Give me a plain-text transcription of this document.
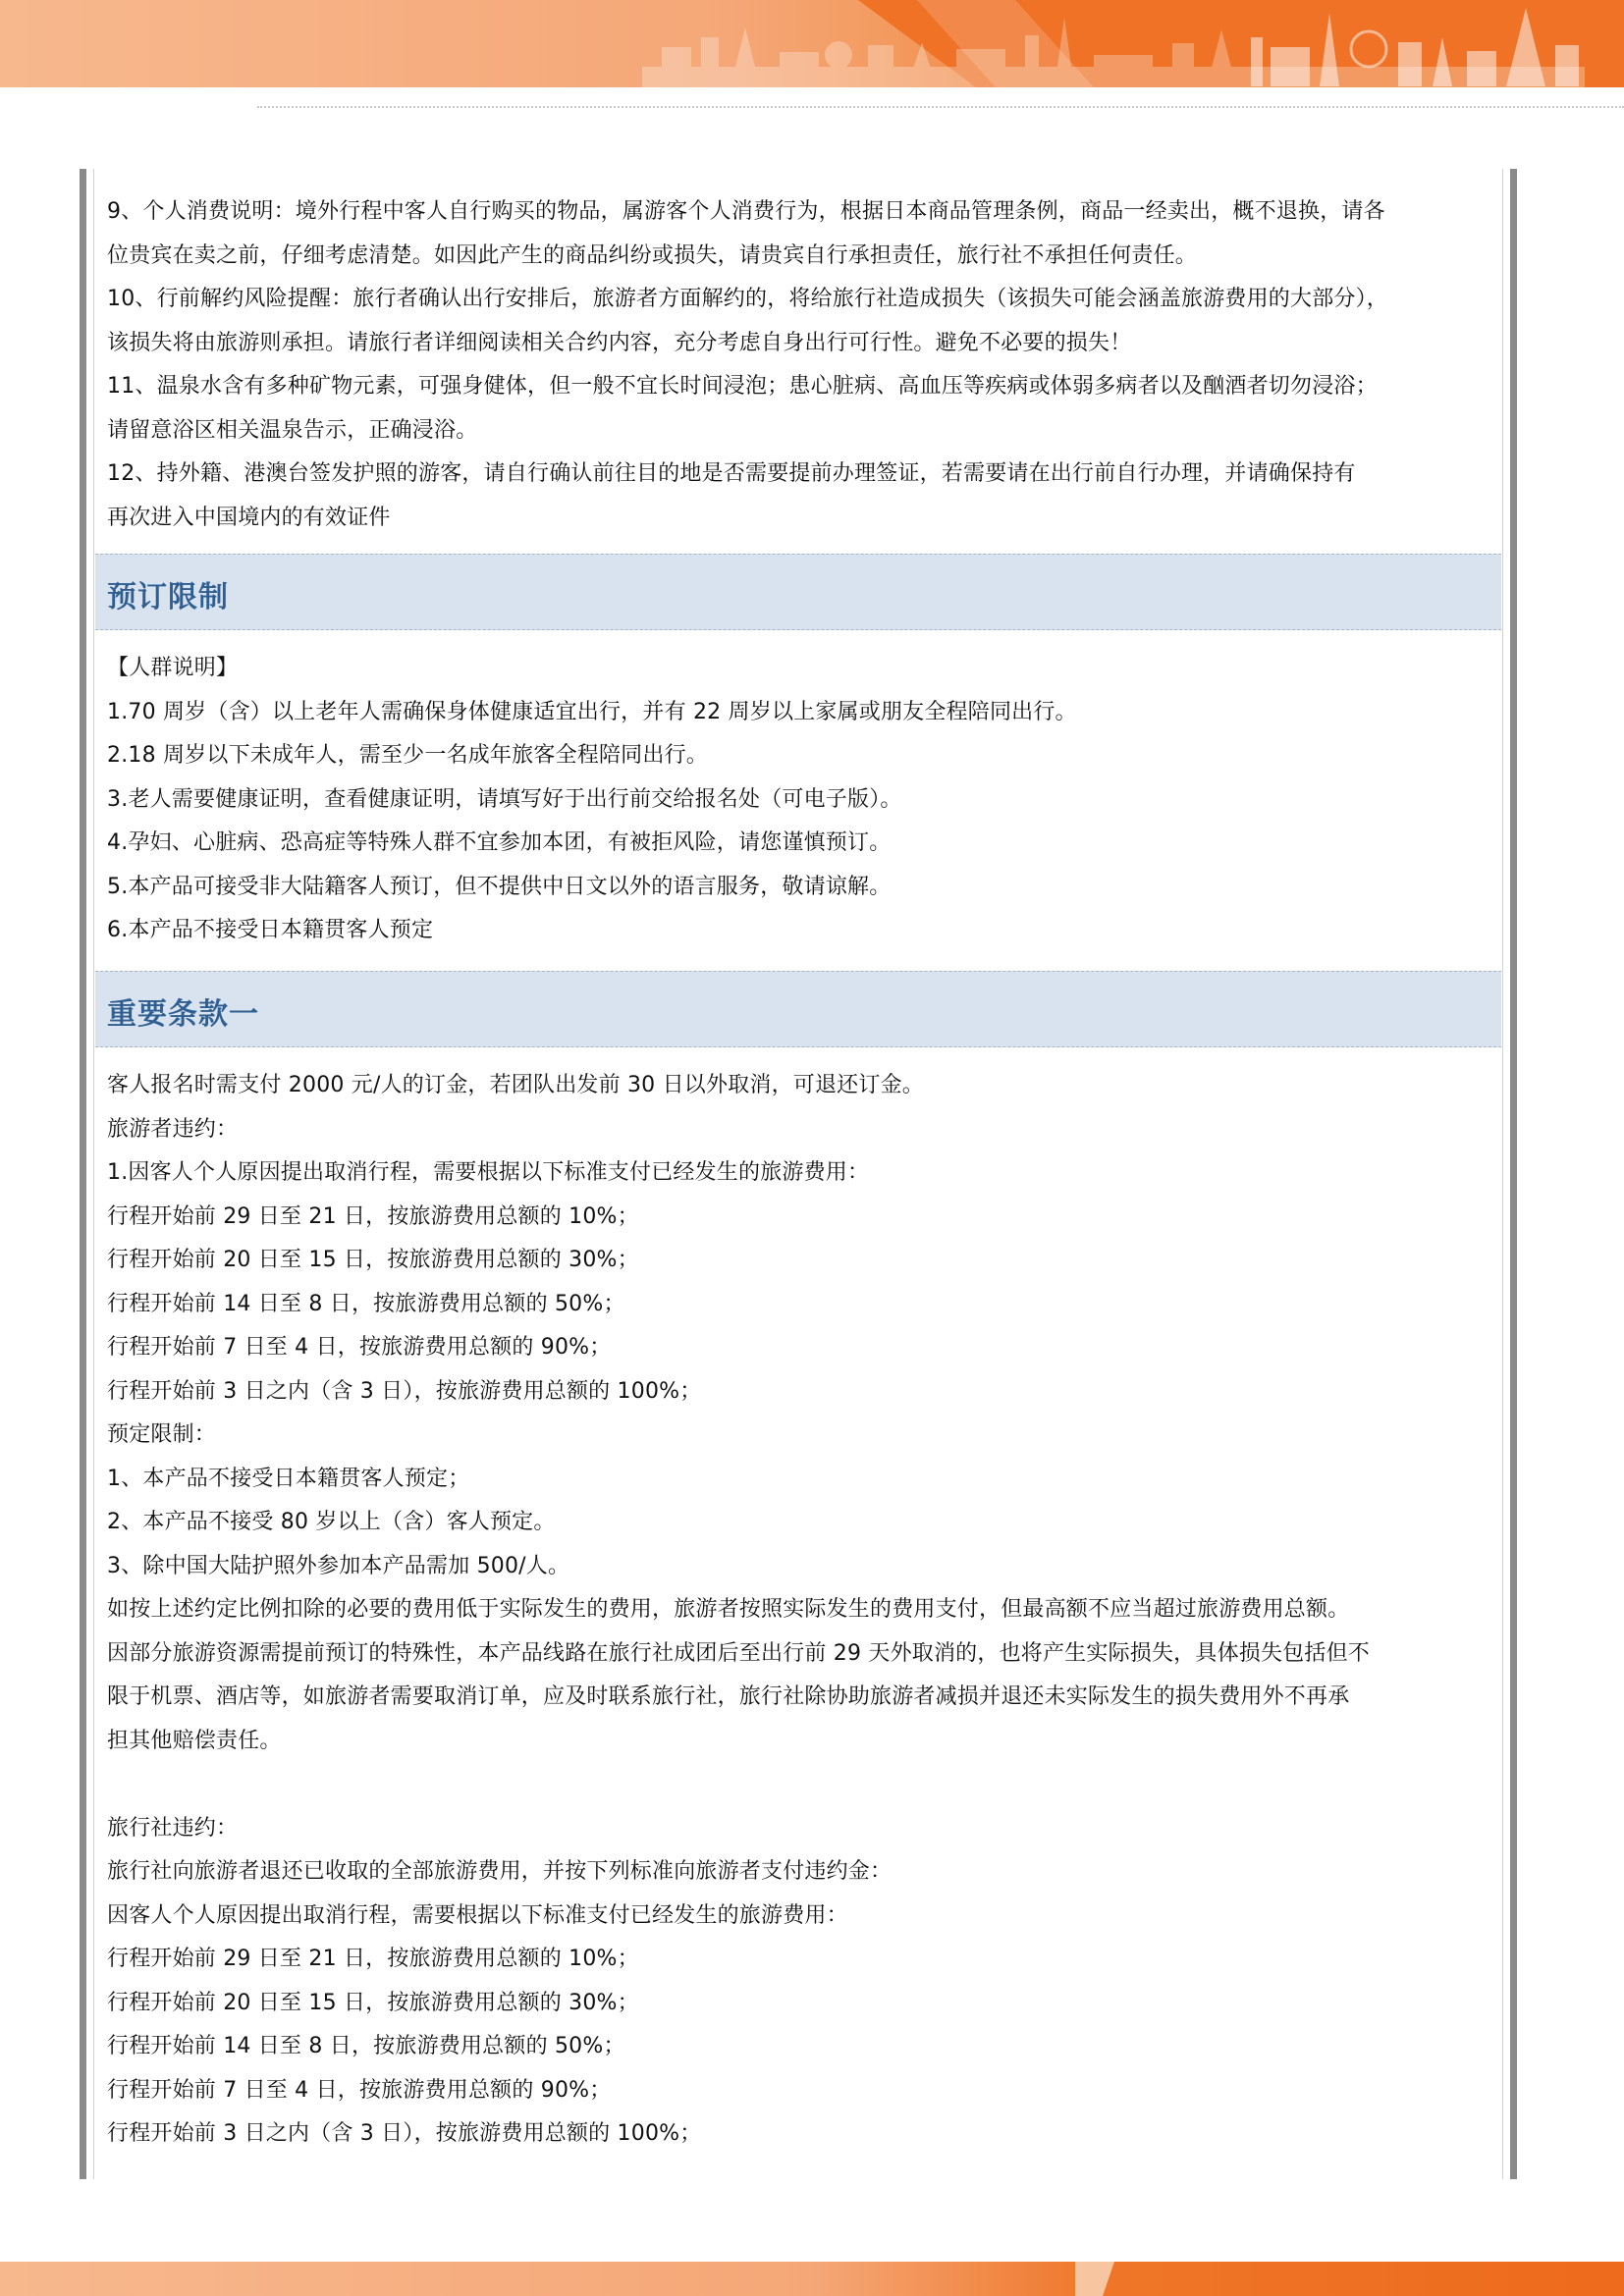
9、个人消费说明：境外行程中客人自行购买的物品，属游客个人消费行为，根据日本商品管理条例，商品一经卖出，概不退换，请各
位贵宾在卖之前，仔细考虑清楚。如因此产生的商品纠纷或损失，请贵宾自行承担责任，旅行社不承担任何责任。
10、行前解约风险提醒：旅行者确认出行安排后，旅游者方面解约的，将给旅行社造成损失（该损失可能会涵盖旅游费用的大部分），
该损失将由旅游则承担。请旅行者详细阅读相关合约内容，充分考虑自身出行可行性。避免不必要的损失！
11、温泉水含有多种矿物元素，可强身健体，但一般不宜长时间浸泡；患心脏病、高血压等疾病或体弱多病者以及酗酒者切勿浸浴；
请留意浴区相关温泉告示，正确浸浴。
12、持外籍、港澳台签发护照的游客，请自行确认前往目的地是否需要提前办理签证，若需要请在出行前自行办理，并请确保持有
再次进入中国境内的有效证件
预订限制
【人群说明】
1.70 周岁（含）以上老年人需确保身体健康适宜出行，并有 22 周岁以上家属或朋友全程陪同出行。
2.18 周岁以下未成年人，需至少一名成年旅客全程陪同出行。
3.老人需要健康证明，查看健康证明，请填写好于出行前交给报名处（可电子版）。
4.孕妇、心脏病、恐高症等特殊人群不宜参加本团，有被拒风险，请您谨慎预订。
5.本产品可接受非大陆籍客人预订，但不提供中日文以外的语言服务，敬请谅解。
6.本产品不接受日本籍贯客人预定
重要条款一
客人报名时需支付 2000 元/人的订金，若团队出发前 30 日以外取消，可退还订金。
旅游者违约：
1.因客人个人原因提出取消行程，需要根据以下标准支付已经发生的旅游费用：
行程开始前 29 日至 21 日，按旅游费用总额的 10%；
行程开始前 20 日至 15 日，按旅游费用总额的 30%；
行程开始前 14 日至 8 日，按旅游费用总额的 50%；
行程开始前 7 日至 4 日，按旅游费用总额的 90%；
行程开始前 3 日之内（含 3 日），按旅游费用总额的 100%；
预定限制：
1、本产品不接受日本籍贯客人预定；
2、本产品不接受 80 岁以上（含）客人预定。
3、除中国大陆护照外参加本产品需加 500/人。
如按上述约定比例扣除的必要的费用低于实际发生的费用，旅游者按照实际发生的费用支付，但最高额不应当超过旅游费用总额。
因部分旅游资源需提前预订的特殊性，本产品线路在旅行社成团后至出行前 29 天外取消的，也将产生实际损失，具体损失包括但不
限于机票、酒店等，如旅游者需要取消订单，应及时联系旅行社，旅行社除协助旅游者减损并退还未实际发生的损失费用外不再承
担其他赔偿责任。

旅行社违约：
旅行社向旅游者退还已收取的全部旅游费用，并按下列标准向旅游者支付违约金：
因客人个人原因提出取消行程，需要根据以下标准支付已经发生的旅游费用：
行程开始前 29 日至 21 日，按旅游费用总额的 10%；
行程开始前 20 日至 15 日，按旅游费用总额的 30%；
行程开始前 14 日至 8 日，按旅游费用总额的 50%；
行程开始前 7 日至 4 日，按旅游费用总额的 90%；
行程开始前 3 日之内（含 3 日），按旅游费用总额的 100%；
